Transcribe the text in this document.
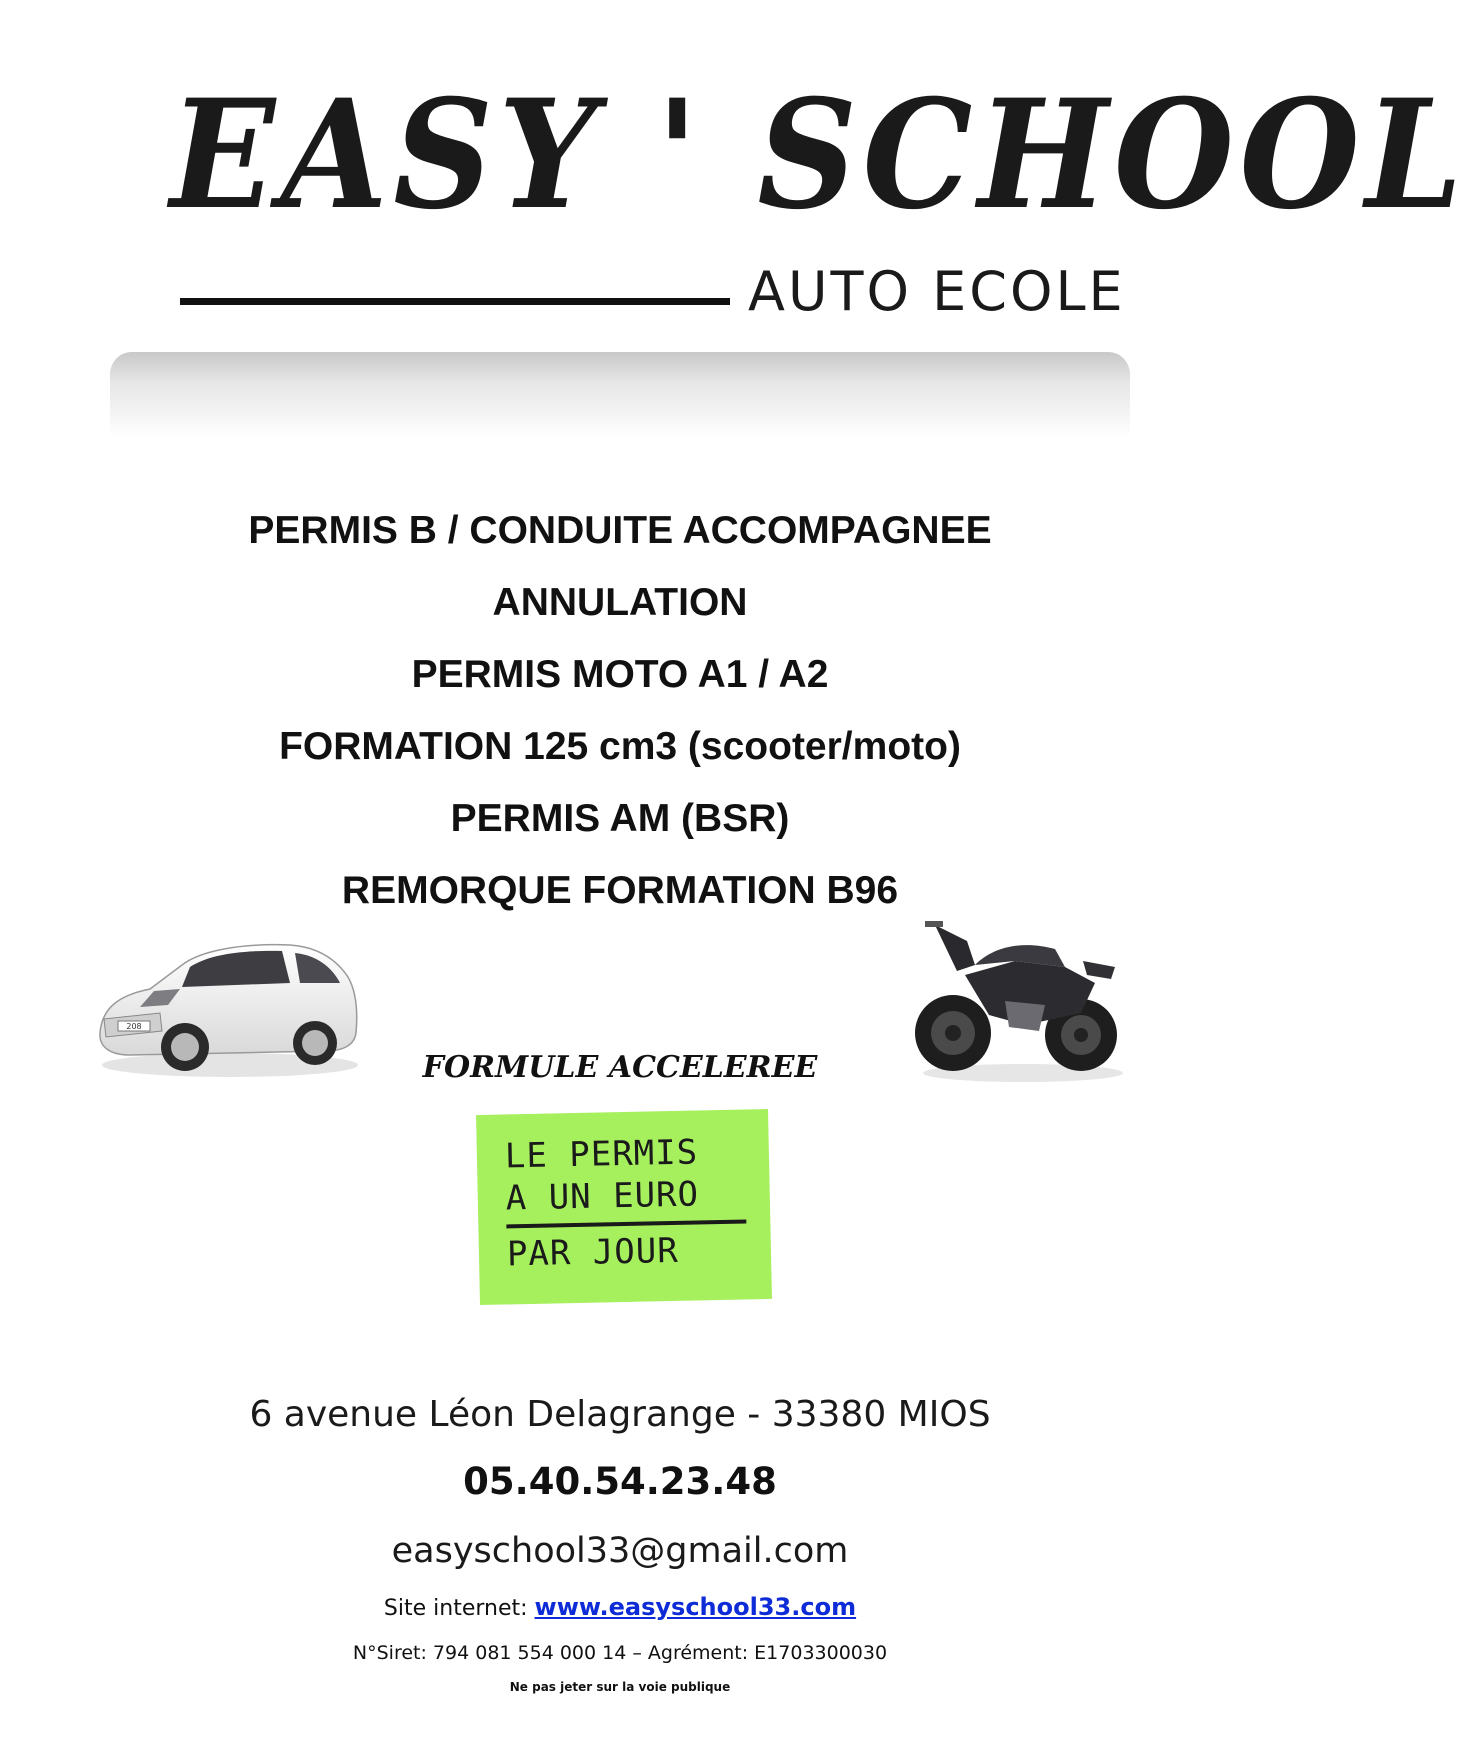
EASY ' SCHOOL
AUTO ECOLE
PERMIS B / CONDUITE ACCOMPAGNEE
ANNULATION
PERMIS MOTO A1 / A2
FORMATION 125 cm3 (scooter/moto)
PERMIS AM (BSR)
REMORQUE FORMATION B96
208
FORMULE ACCELEREE
LE PERMIS
A UN EURO
PAR JOUR
6 avenue Léon Delagrange - 33380 MIOS
05.40.54.23.48
easyschool33@gmail.com
Site internet: www.easyschool33.com
N°Siret: 794 081 554 000 14 – Agrément: E1703300030
Ne pas jeter sur la voie publique
